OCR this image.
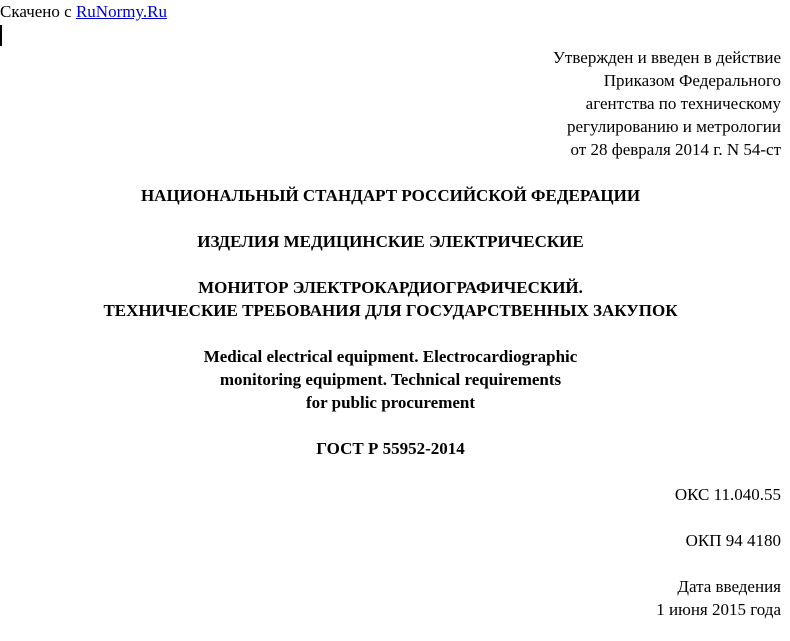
Скачено с RuNormy.Ru
Утвержден и введен в действие
Приказом Федерального
агентства по техническому
регулированию и метрологии
от 28 февраля 2014 г. N 54-ст
НАЦИОНАЛЬНЫЙ СТАНДАРТ РОССИЙСКОЙ ФЕДЕРАЦИИ
ИЗДЕЛИЯ МЕДИЦИНСКИЕ ЭЛЕКТРИЧЕСКИЕ
МОНИТОР ЭЛЕКТРОКАРДИОГРАФИЧЕСКИЙ.
ТЕХНИЧЕСКИЕ ТРЕБОВАНИЯ ДЛЯ ГОСУДАРСТВЕННЫХ ЗАКУПОК
Medical electrical equipment. Electrocardiographic
monitoring equipment. Technical requirements
for public procurement
ГОСТ Р 55952-2014
ОКС 11.040.55
ОКП 94 4180
Дата введения
1 июня 2015 года
